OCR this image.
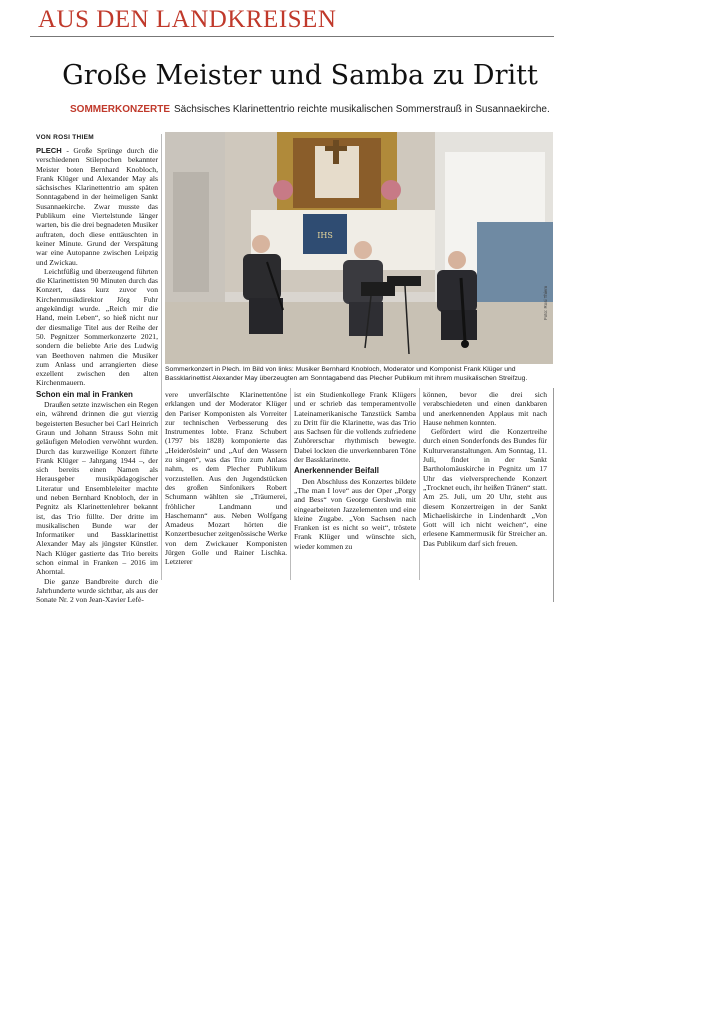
AUS DEN LANDKREISEN
Große Meister und Samba zu Dritt
SOMMERKONZERTE Sächsisches Klarinettentrio reichte musikalischen Sommerstrauß in Susannaekirche.
VON ROSI THIEM

PLECH - Große Sprünge durch die verschiedenen Stilepochen bekannter Meister boten Bernhard Knobloch, Frank Klüger und Alexander May als sächsisches Klarinettentrio am späten Sonntagabend in der heimeligen Sankt Susannaekirche. Zwar musste das Publikum eine Viertelstunde länger warten, bis die drei begnadeten Musiker auftraten, doch diese enttäuschten in keiner Minute. Grund der Verspätung war eine Autopanne zwischen Leipzig und Zwickau.

Leichtfüßig und überzeugend führten die Klarinettisten 90 Minuten durch das Konzert, dass kurz zuvor von Kirchenmusikdirektor Jörg Fuhr angekündigt wurde. „Reich mir die Hand, mein Leben“, so hieß nicht nur der diesmalige Titel aus der Reihe der 50. Pegnitzer Sommerkonzerte 2021, sondern die beliebte Arie des Ludwig van Beethoven nahmen die Musiker zum Anlass und arrangierten diese exzellent zwischen den alten Kirchenmauern.

Schon ein mal in Franken

Draußen setzte inzwischen ein Regen ein, während drinnen die gut vierzig begeisterten Besucher bei Carl Heinrich Graun und Johann Strauss Sohn mit geläufigen Melodien verwöhnt wurden. Durch das kurzweilige Konzert führte Frank Klüger – Jahrgang 1944 –, der sich bereits einen Namen als Herausgeber musikpädagogischer Literatur und Ensembleleiter machte und neben Bernhard Knobloch, der in Pegnitz als Klarinettenlehrer bekannt ist, das Trio füllte. Der dritte im musikalischen Bunde war der Informatiker und Bassklarinettist Alexander May als jüngster Künstler. Nach Klüger gastierte das Trio bereits schon einmal in Franken – 2016 im Ahorntal.

Die ganze Bandbreite durch die Jahrhunderte wurde sichtbar, als aus der Sonate Nr. 2 von Jean-Xavier Lefè-

IHS
Foto: Rosi Thiem
Sommerkonzert in Plech. Im Bild von links: Musiker Bernhard Knobloch, Moderator und Komponist Frank Klüger und Bassklarinettist Alexander May überzeugten am Sonntagabend das Plecher Publikum mit ihrem musikalischen Streifzug.

vere unverfälschte Klarinettentöne erklangen und der Moderator Klüger den Pariser Komponisten als Vorreiter zur technischen Verbesserung des Instrumentes lobte. Franz Schubert (1797 bis 1828) komponierte das „Heideröslein“ und „Auf den Wassern zu singen“, was das Trio zum Anlass nahm, es dem Plecher Publikum vorzustellen. Aus den Jugendstücken des großen Sinfonikers Robert Schumann wählten sie „Träumerei, fröhlicher Landmann und Haschemann“ aus. Neben Wolfgang Amadeus Mozart hörten die Konzertbesucher zeitgenössische Werke von dem Zwickauer Komponisten Jürgen Golle und Rainer Lischka. Letzterer

ist ein Studienkollege Frank Klügers und er schrieb das temperamentvolle Lateinamerikanische Tanzstück Samba zu Dritt für die Klarinette, was das Trio aus Sachsen für die vollends zufriedene Zuhörerschar rhythmisch bewegte. Dabei lockten die unverkennbaren Töne der Bassklarinette.

Anerkennender Beifall

Den Abschluss des Konzertes bildete „The man I love“ aus der Oper „Porgy and Bess“ von George Gershwin mit eingearbeiteten Jazzelementen und eine kleine Zugabe. „Von Sachsen nach Franken ist es nicht so weit“, tröstete Frank Klüger und wünschte sich, wieder kommen zu

können, bevor die drei sich verabschiedeten und einen dankbaren und anerkennenden Applaus mit nach Hause nehmen konnten.

Gefördert wird die Konzertreihe durch einen Sonderfonds des Bundes für Kulturveranstaltungen. Am Sonntag, 11. Juli, findet in der Sankt Bartholomäuskirche in Pegnitz um 17 Uhr das vielversprechende Konzert „Trocknet euch, ihr heißen Tränen“ statt. Am 25. Juli, um 20 Uhr, steht aus diesem Konzertreigen in der Sankt Michaeliskirche in Lindenhardt „Von Gott will ich nicht weichen“, eine erlesene Kammermusik für Streicher an. Das Publikum darf sich freuen.
